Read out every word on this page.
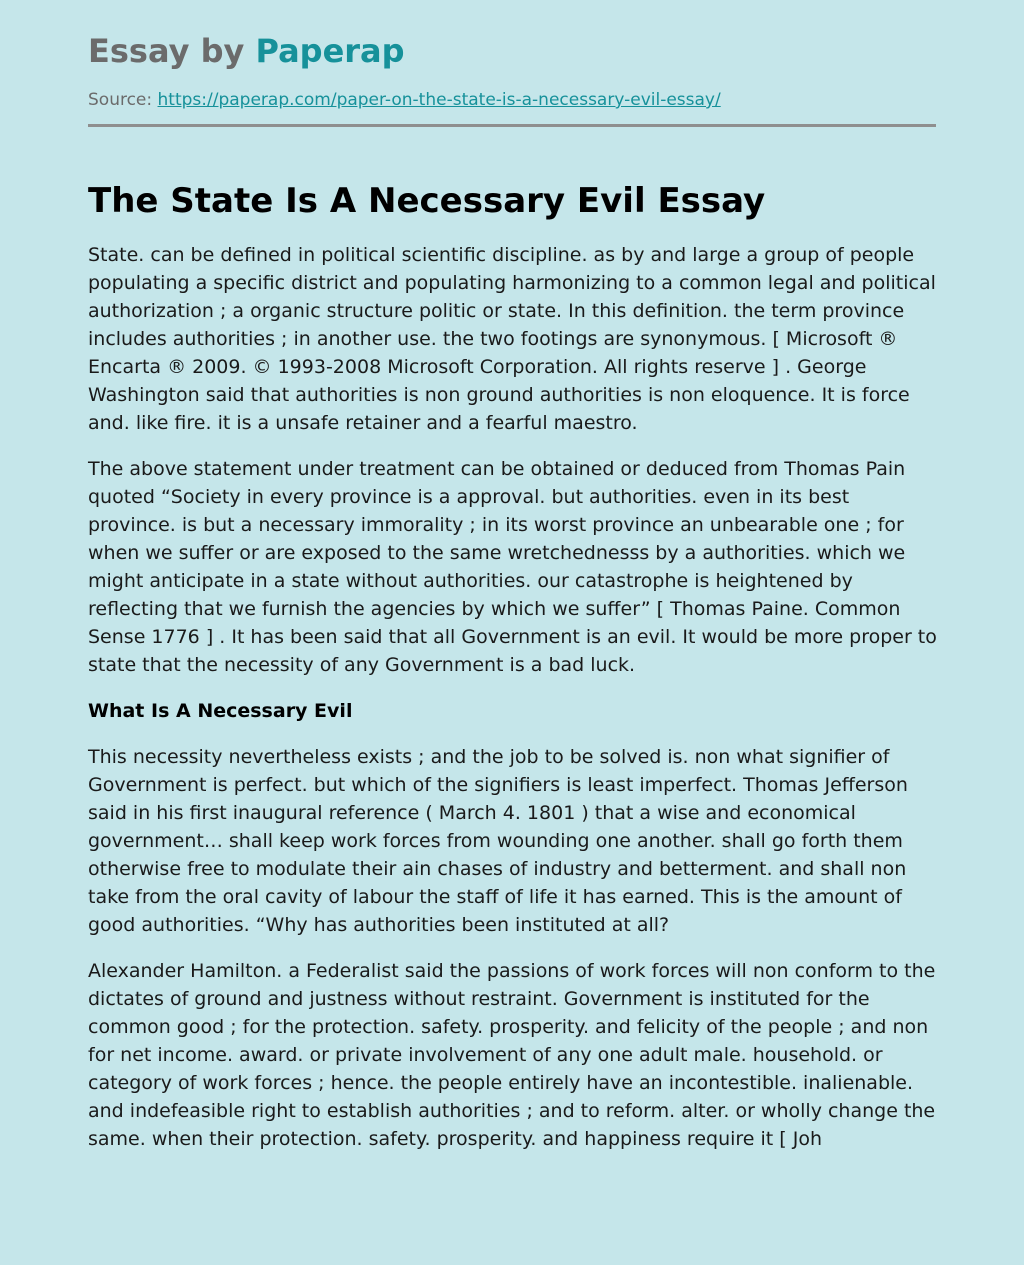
Essay by Paperap
Source: https://paperap.com/paper-on-the-state-is-a-necessary-evil-essay/
The State Is A Necessary Evil Essay

State. can be defined in political scientific discipline. as by and large a group of people populating a specific district and populating harmonizing to a common legal and political authorization ; a organic structure politic or state. In this definition. the term province includes authorities ; in another use. the two footings are synonymous. [ Microsoft ® Encarta ® 2009. © 1993-2008 Microsoft Corporation. All rights reserve ] . George Washington said that authorities is non ground authorities is non eloquence. It is force and. like fire. it is a unsafe retainer and a fearful maestro.

The above statement under treatment can be obtained or deduced from Thomas Pain quoted “Society in every province is a approval. but authorities. even in its best province. is but a necessary immorality ; in its worst province an unbearable one ; for when we suffer or are exposed to the same wretchednesss by a authorities. which we might anticipate in a state without authorities. our catastrophe is heightened by reflecting that we furnish the agencies by which we suffer” [ Thomas Paine. Common Sense 1776 ] . It has been said that all Government is an evil. It would be more proper to state that the necessity of any Government is a bad luck.

What Is A Necessary Evil

This necessity nevertheless exists ; and the job to be solved is. non what signifier of Government is perfect. but which of the signifiers is least imperfect. Thomas Jefferson said in his first inaugural reference ( March 4. 1801 ) that a wise and economical government… shall keep work forces from wounding one another. shall go forth them otherwise free to modulate their ain chases of industry and betterment. and shall non take from the oral cavity of labour the staff of life it has earned. This is the amount of good authorities. “Why has authorities been instituted at all?

Alexander Hamilton. a Federalist said the passions of work forces will non conform to the dictates of ground and justness without restraint. Government is instituted for the common good ; for the protection. safety. prosperity. and felicity of the people ; and non for net income. award. or private involvement of any one adult male. household. or category of work forces ; hence. the people entirely have an incontestible. inalienable. and indefeasible right to establish authorities ; and to reform. alter. or wholly change the same. when their protection. safety. prosperity. and happiness require it [ Joh
